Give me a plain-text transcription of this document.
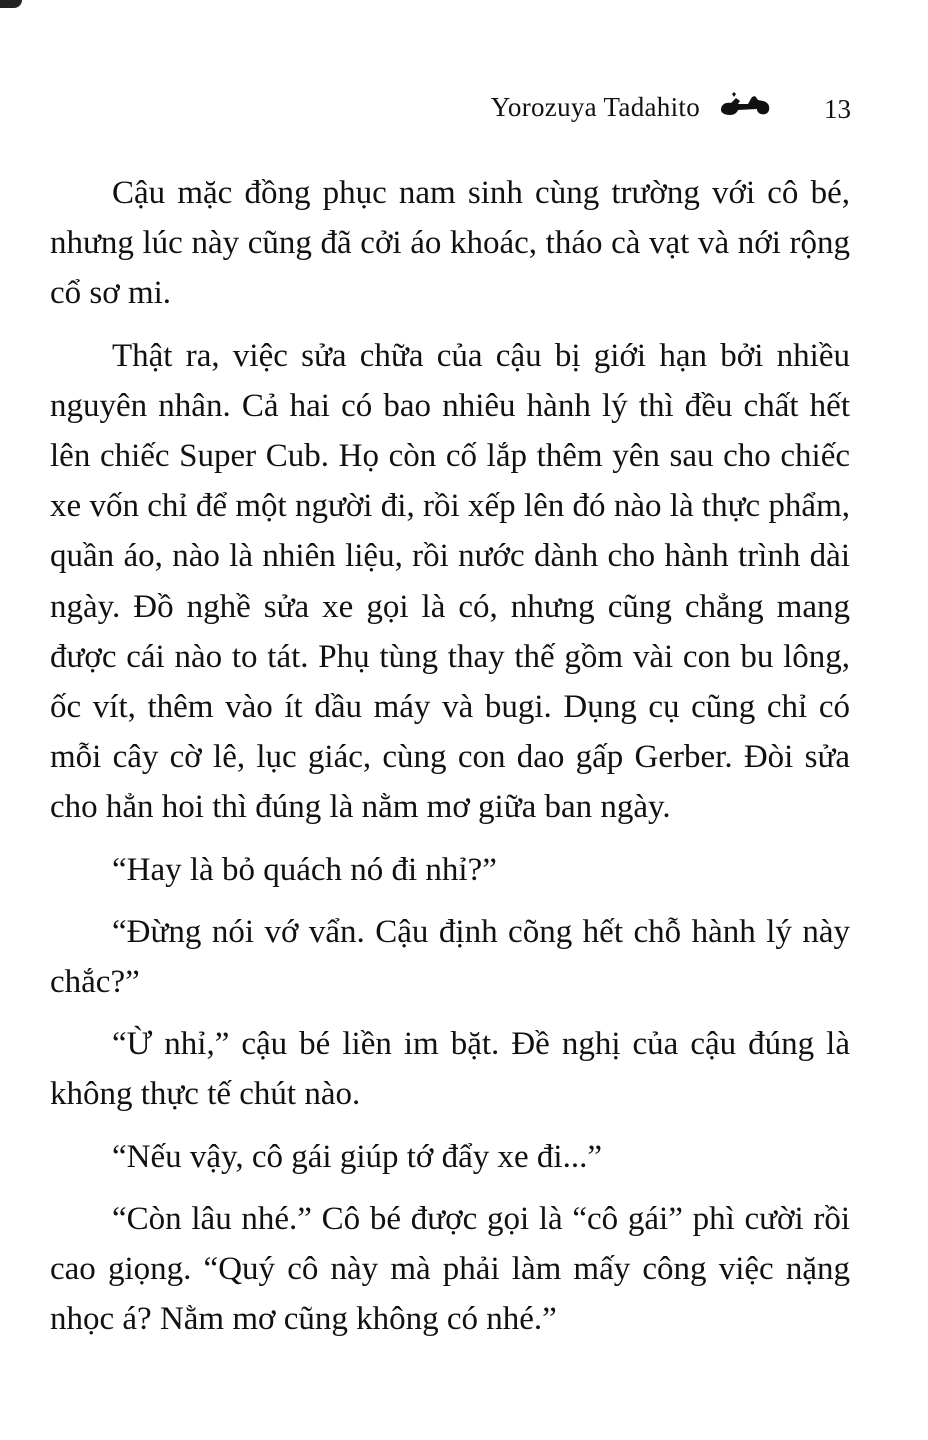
Yorozuya Tadahito	13

Cậu mặc đồng phục nam sinh cùng trường với cô bé, nhưng lúc này cũng đã cởi áo khoác, tháo cà vạt và nới rộng cổ sơ mi.

Thật ra, việc sửa chữa của cậu bị giới hạn bởi nhiều nguyên nhân. Cả hai có bao nhiêu hành lý thì đều chất hết lên chiếc Super Cub. Họ còn cố lắp thêm yên sau cho chiếc xe vốn chỉ để một người đi, rồi xếp lên đó nào là thực phẩm, quần áo, nào là nhiên liệu, rồi nước dành cho hành trình dài ngày. Đồ nghề sửa xe gọi là có, nhưng cũng chẳng mang được cái nào to tát. Phụ tùng thay thế gồm vài con bu lông, ốc vít, thêm vào ít dầu máy và bugi. Dụng cụ cũng chỉ có mỗi cây cờ lê, lục giác, cùng con dao gấp Gerber. Đòi sửa cho hẳn hoi thì đúng là nằm mơ giữa ban ngày.

“Hay là bỏ quách nó đi nhỉ?”

“Đừng nói vớ vẩn. Cậu định cõng hết chỗ hành lý này chắc?”

“Ừ nhỉ,” cậu bé liền im bặt. Đề nghị của cậu đúng là không thực tế chút nào.

“Nếu vậy, cô gái giúp tớ đẩy xe đi...”

“Còn lâu nhé.” Cô bé được gọi là “cô gái” phì cười rồi cao giọng. “Quý cô này mà phải làm mấy công việc nặng nhọc á? Nằm mơ cũng không có nhé.”
